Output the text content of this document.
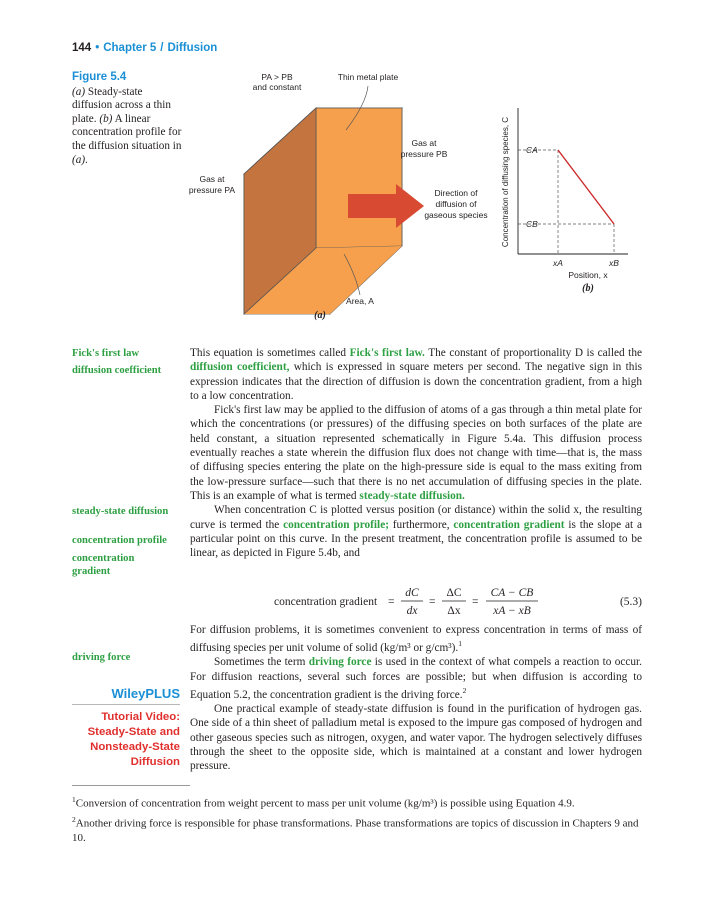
144 • Chapter 5 / Diffusion
Figure 5.4
(a) Steady-state diffusion across a thin plate. (b) A linear concentration profile for the diffusion situation in (a).
PA > PB
and constant
Thin metal plate
Gas at
pressure PA
Gas at
pressure PB
Direction of
diffusion of
gaseous species
Area, A
(a)
Concentration of diffusing species, C CA
CB
xA	xB
Position, x
(b)
Fick's first law
diffusion coefficient
steady-state diffusion
concentration profile
concentration gradient
driving force

This equation is sometimes called Fick's first law. The constant of proportionality D is called the diffusion coefficient, which is expressed in square meters per second. The negative sign in this expression indicates that the direction of diffusion is down the concentration gradient, from a high to a low concentration.

Fick's first law may be applied to the diffusion of atoms of a gas through a thin metal plate for which the concentrations (or pressures) of the diffusing species on both surfaces of the plate are held constant, a situation represented schematically in Figure 5.4a. This diffusion process eventually reaches a state wherein the diffusion flux does not change with time—that is, the mass of diffusing species entering the plate on the high-pressure side is equal to the mass exiting from the low-pressure surface—such that there is no net accumulation of diffusing species in the plate. This is an example of what is termed steady-state diffusion.

When concentration C is plotted versus position (or distance) within the solid x, the resulting curve is termed the concentration profile; furthermore, concentration gradient is the slope at a particular point on this curve. In the present treatment, the concentration profile is assumed to be linear, as depicted in Figure 5.4b, and

concentration gradient =
dC
dx
=
ΔC
Δx
=
CA − CB
xA − xB
(5.3)

For diffusion problems, it is sometimes convenient to express concentration in terms of mass of diffusing species per unit volume of solid (kg/m³ or g/cm³).$^1$

Sometimes the term driving force is used in the context of what compels a reaction to occur. For diffusion reactions, several such forces are possible; but when diffusion is according to Equation 5.2, the concentration gradient is the driving force.$^2$

One practical example of steady-state diffusion is found in the purification of hydrogen gas. One side of a thin sheet of palladium metal is exposed to the impure gas composed of hydrogen and other gaseous species such as nitrogen, oxygen, and water vapor. The hydrogen selectively diffuses through the sheet to the opposite side, which is maintained at a constant and lower hydrogen pressure.

WileyPLUS
Tutorial Video:
Steady-State and
Nonsteady-State
Diffusion
$^1$Conversion of concentration from weight percent to mass per unit volume (kg/m³) is possible using Equation 4.9.
$^2$Another driving force is responsible for phase transformations. Phase transformations are topics of discussion in Chapters 9 and 10.
